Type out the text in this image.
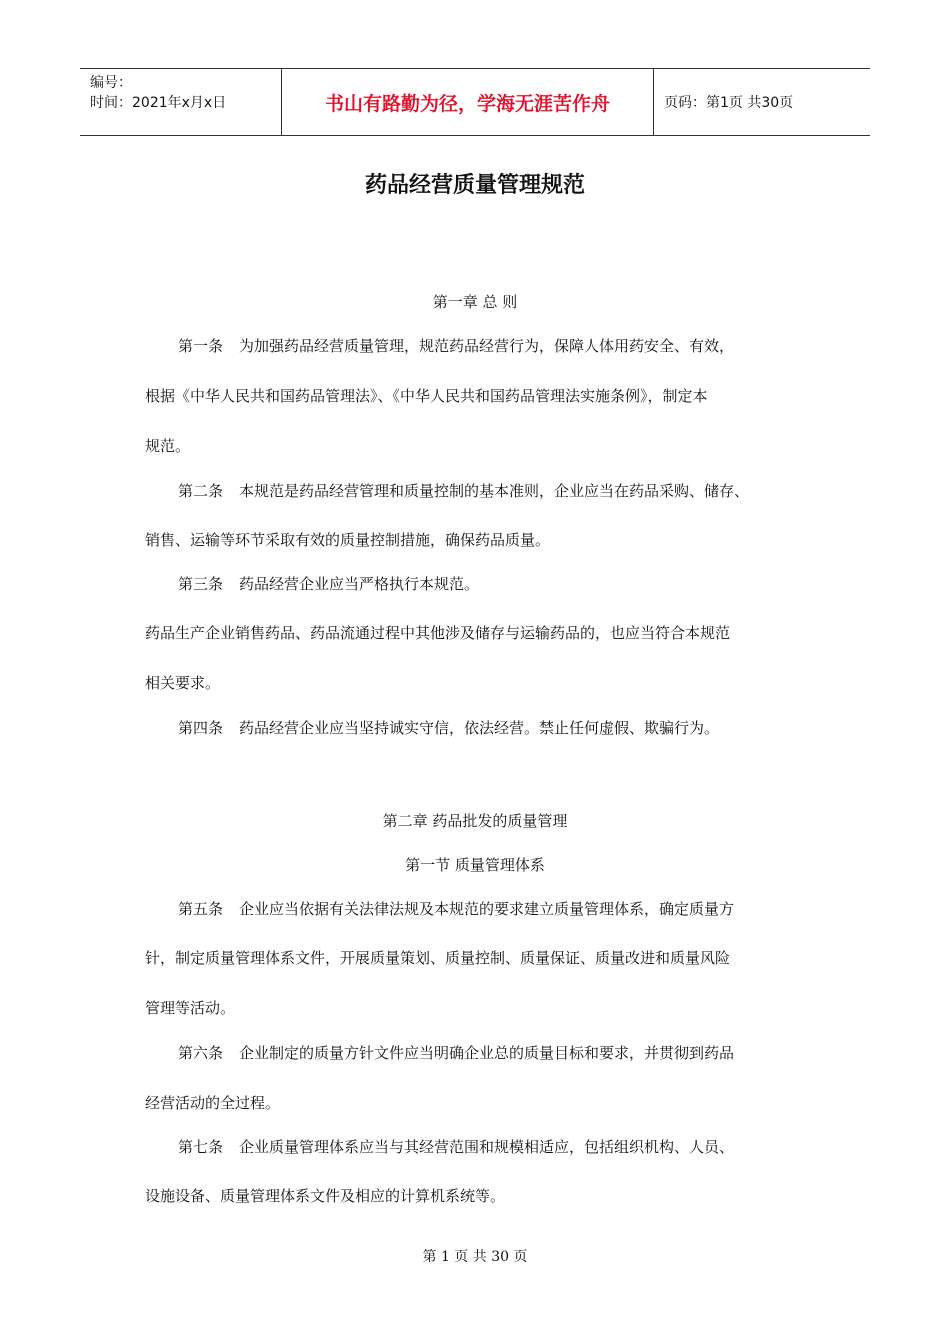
编号：
时间：2021年x月x日	书山有路勤为径，学海无涯苦作舟	页码：第1页 共30页
药品经营质量管理规范
第一章 总 则
第一条 为加强药品经营质量管理，规范药品经营行为，保障人体用药安全、有效，
根据《中华人民共和国药品管理法》、《中华人民共和国药品管理法实施条例》，制定本
规范。
第二条 本规范是药品经营管理和质量控制的基本准则，企业应当在药品采购、储存、
销售、运输等环节采取有效的质量控制措施，确保药品质量。
第三条 药品经营企业应当严格执行本规范。
药品生产企业销售药品、药品流通过程中其他涉及储存与运输药品的，也应当符合本规范
相关要求。
第四条 药品经营企业应当坚持诚实守信，依法经营。禁止任何虚假、欺骗行为。
第二章 药品批发的质量管理
第一节 质量管理体系
第五条 企业应当依据有关法律法规及本规范的要求建立质量管理体系，确定质量方
针，制定质量管理体系文件，开展质量策划、质量控制、质量保证、质量改进和质量风险
管理等活动。
第六条 企业制定的质量方针文件应当明确企业总的质量目标和要求，并贯彻到药品
经营活动的全过程。
第七条 企业质量管理体系应当与其经营范围和规模相适应，包括组织机构、人员、
设施设备、质量管理体系文件及相应的计算机系统等。
第 1 页 共 30 页
